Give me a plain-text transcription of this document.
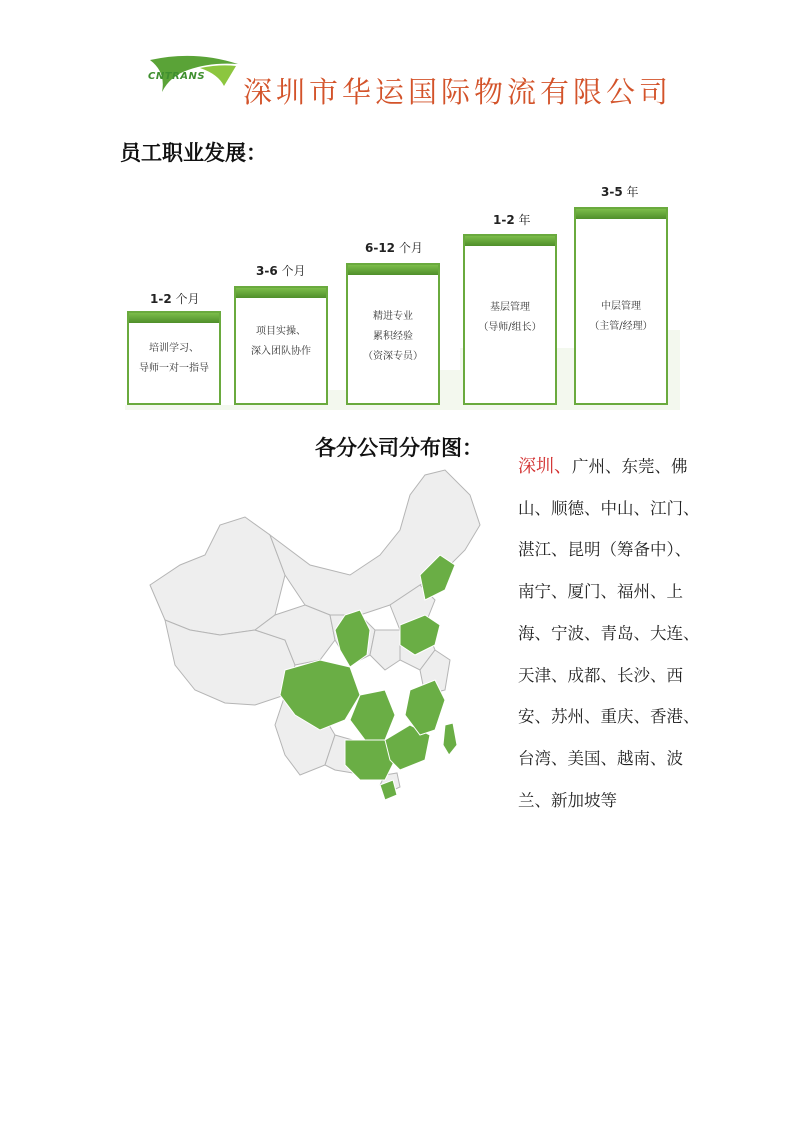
CNTRANS 深圳市华运国际物流有限公司
员工职业发展：
1-2 个月
培训学习、
导师一对一指导
3-6 个月
项目实操、
深入团队协作
6-12 个月
精进专业
累积经验
（资深专员）
1-2 年
基层管理
（导师/组长）
3-5 年
中层管理
（主管/经理）
各分公司分布图：
深圳、广州、东莞、佛山、顺德、中山、江门、湛江、昆明（筹备中）、南宁、厦门、福州、上海、宁波、青岛、大连、天津、成都、长沙、西安、苏州、重庆、香港、台湾、美国、越南、波兰、新加坡等
